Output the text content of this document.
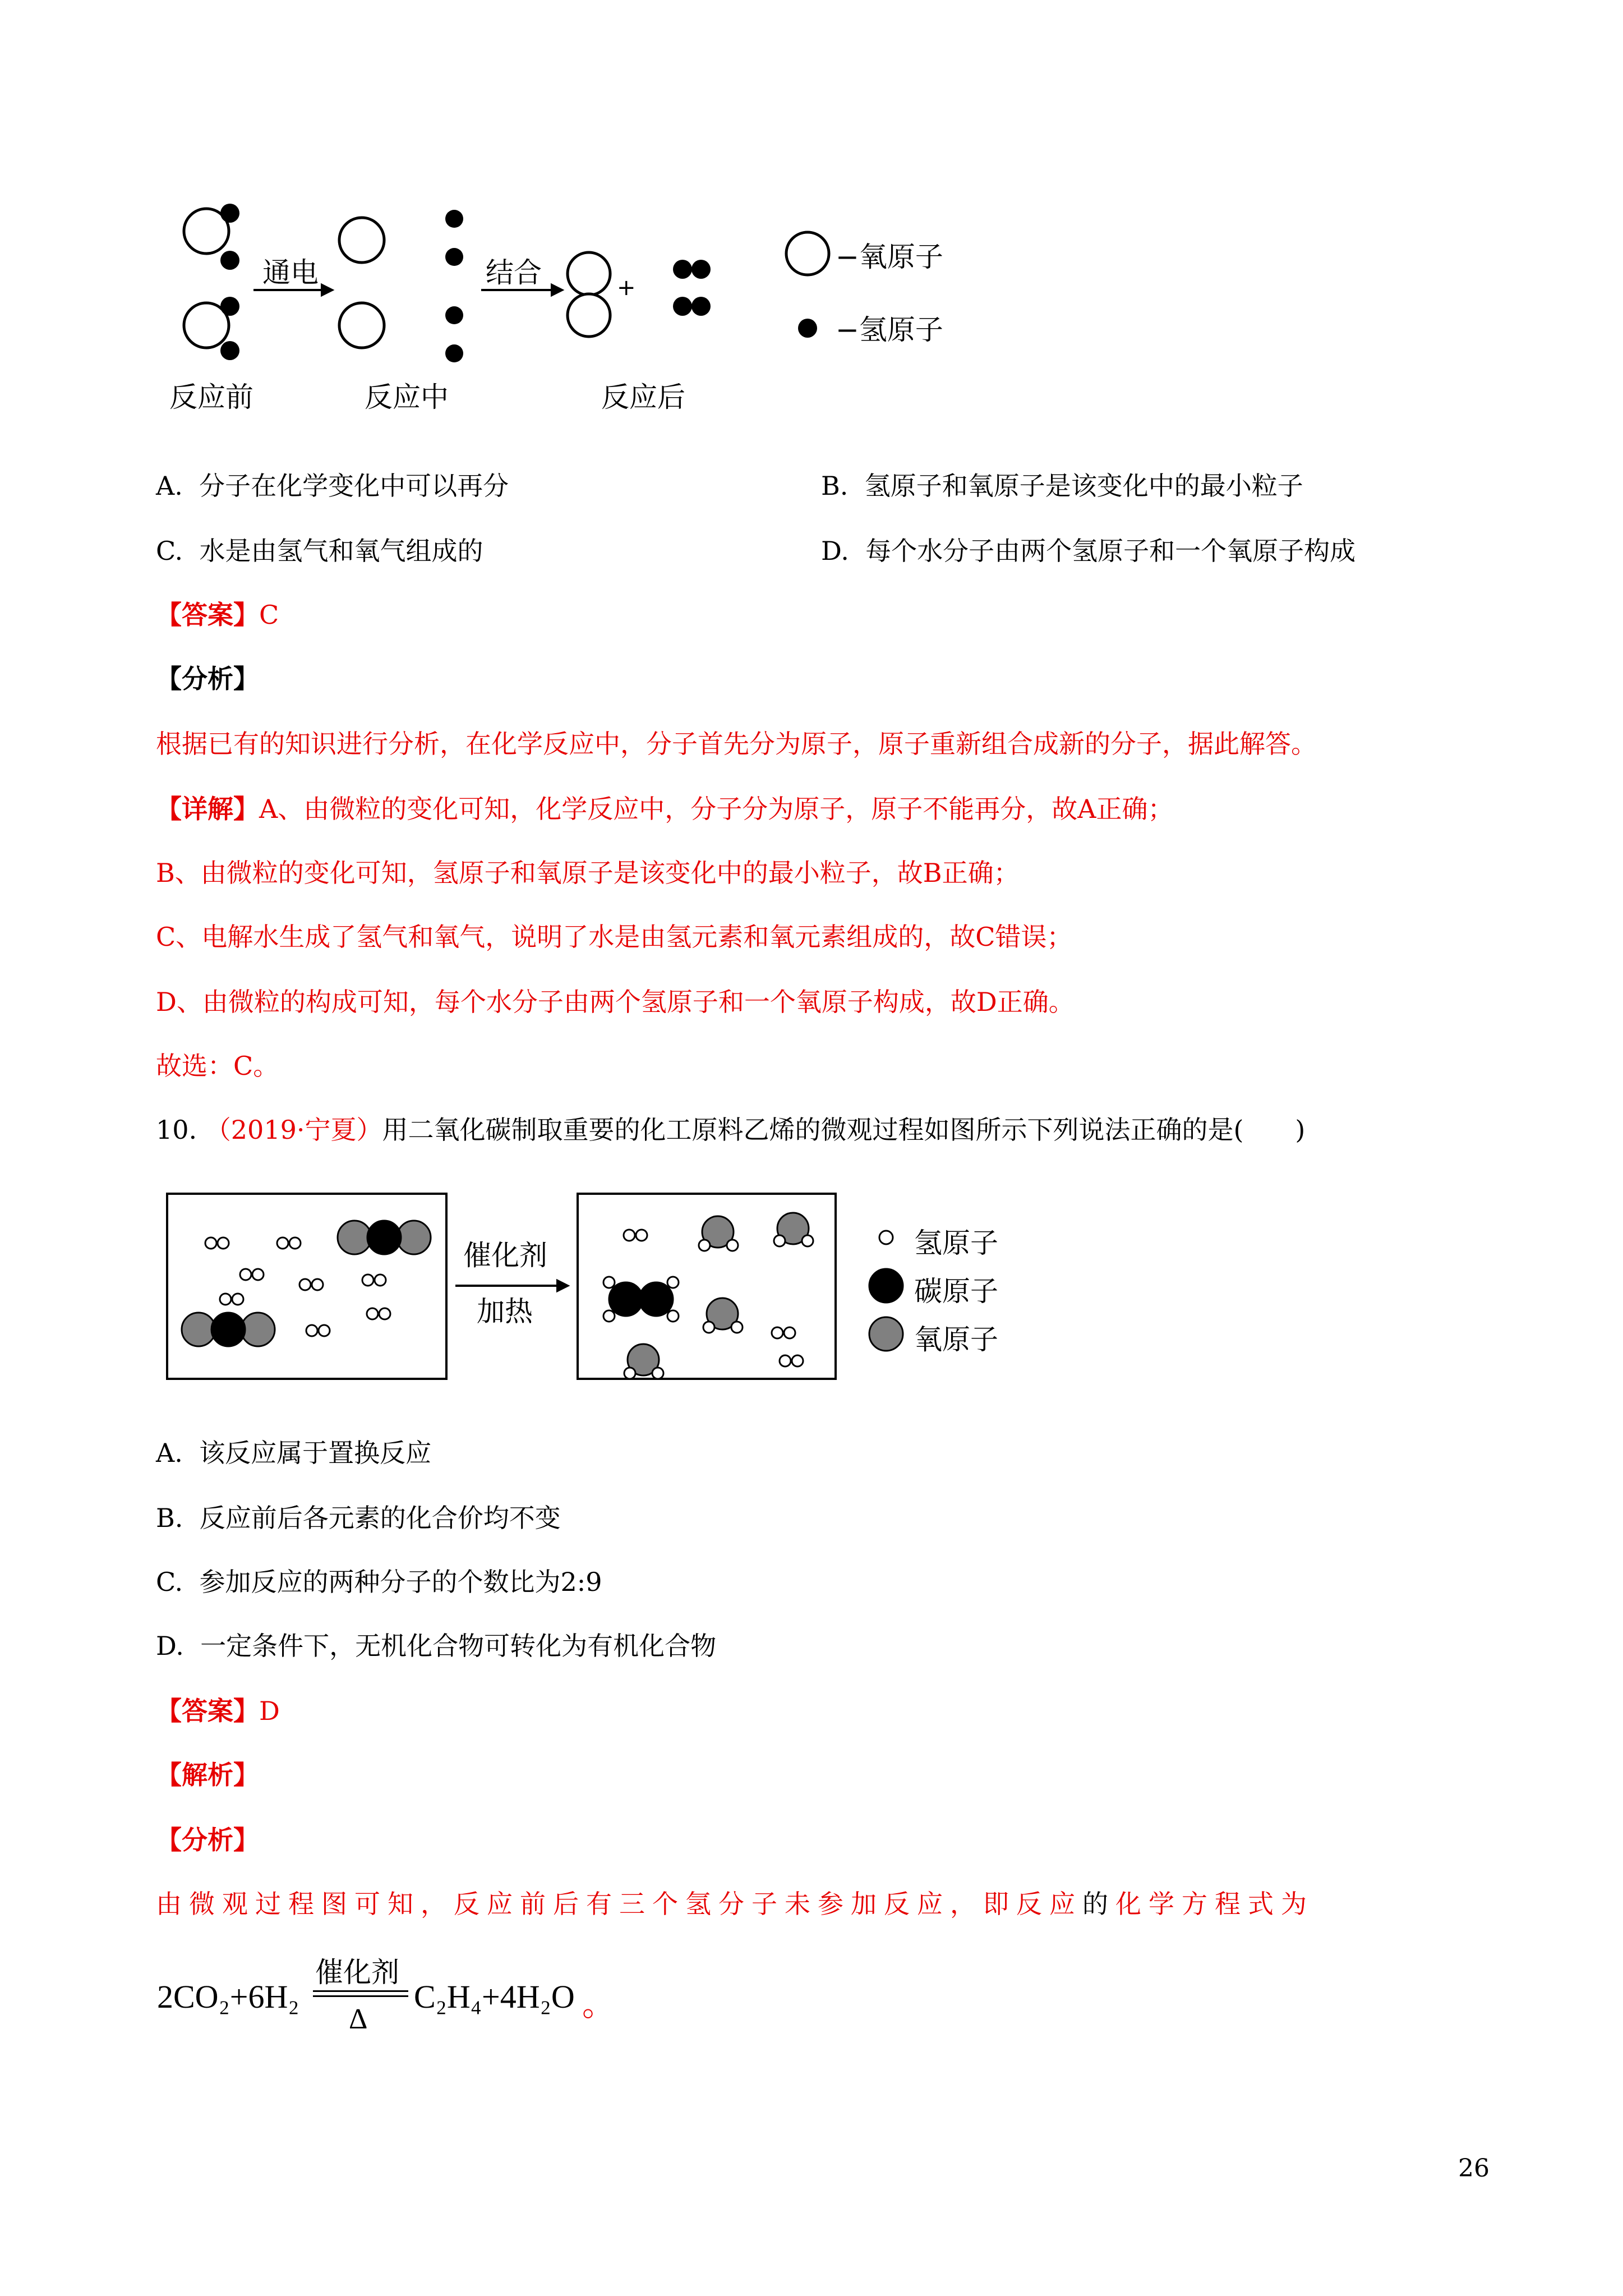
通电	结合	+
反应前	反应中	反应后
−氧原子
−氢原子
A. 分子在化学变化中可以再分	B. 氢原子和氧原子是该变化中的最小粒子
C. 水是由氢气和氧气组成的	D. 每个水分子由两个氢原子和一个氧原子构成
【答案】C
【分析】
根据已有的知识进行分析，在化学反应中，分子首先分为原子，原子重新组合成新的分子，据此解答。
【详解】A、由微粒的变化可知，化学反应中，分子分为原子，原子不能再分，故A正确；
B、由微粒的变化可知，氢原子和氧原子是该变化中的最小粒子，故B正确；
C、电解水生成了氢气和氧气，说明了水是由氢元素和氧元素组成的，故C错误；
D、由微粒的构成可知，每个水分子由两个氢原子和一个氧原子构成，故D正确。
故选：C。
10. （2019·宁夏）用二氧化碳制取重要的化工原料乙烯的微观过程如图所示下列说法正确的是(　　)
催化剂
加热
氢原子
碳原子
氧原子
A. 该反应属于置换反应
B. 反应前后各元素的化合价均不变
C. 参加反应的两种分子的个数比为2:9
D. 一定条件下，无机化合物可转化为有机化合物
【答案】D
【解析】
【分析】
由微观过程图可知，反应前后有三个氢分子未参加反应，即反应的化学方程式为
2CO₂+6H₂
催化剂
Δ
C₂H₄+4H₂O 。
26
